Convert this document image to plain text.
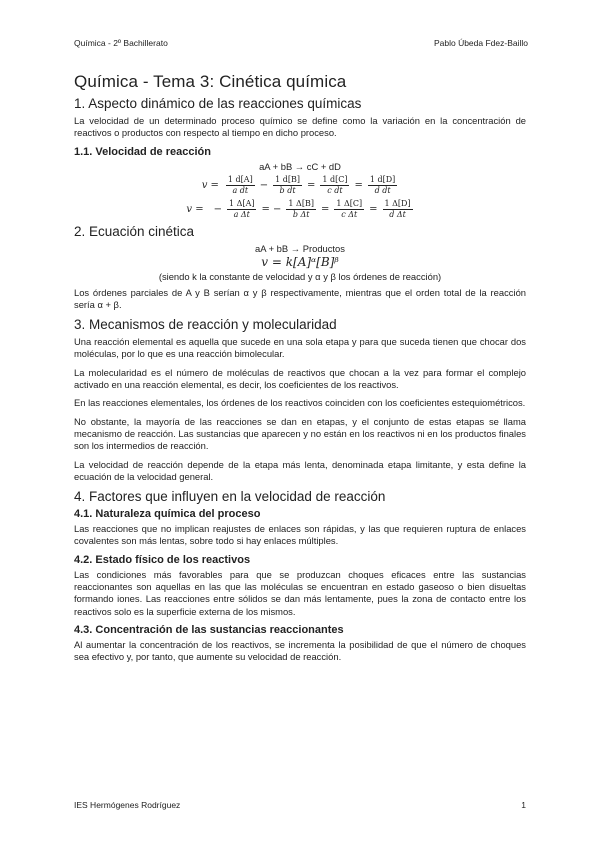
Química - 2º Bachillerato	Pablo Úbeda Fdez-Baillo
Química - Tema 3: Cinética química
1. Aspecto dinámico de las reacciones químicas

La velocidad de un determinado proceso químico se define como la variación en la concentración de reactivos o productos con respecto al tiempo en dicho proceso.

1.1. Velocidad de reacción
aA + bB → cC + dD
$v = \frac{1 d[A]}{\text{a dt}} - \frac{1 d[B]}{\text{b dt}} = \frac{1 d[C]}{\text{c dt}} = \frac{1 d[D]}{\text{d dt}}$
v = − $\frac{1 \Delta[A]}{\text{a Δt}}$ = − $\frac{1 \Delta[B]}{\text{b Δt}} = \frac{1 \Delta[C]}{\text{c Δt}} = \frac{1 \Delta[D]}{\text{d Δt}}$
2. Ecuación cinética
aA + bB → Productos
v = k[A]ᵅ[B]ᵝ
(siendo k la constante de velocidad y α y β los órdenes de reacción)

Los órdenes parciales de A y B serían α y β respectivamente, mientras que el orden total de la reacción sería α + β.

3. Mecanismos de reacción y molecularidad

Una reacción elemental es aquella que sucede en una sola etapa y para que suceda tienen que chocar dos moléculas, por lo que es una reacción bimolecular.

La molecularidad es el número de moléculas de reactivos que chocan a la vez para formar el complejo activado en una reacción elemental, es decir, los coeficientes de los reactivos.

En las reacciones elementales, los órdenes de los reactivos coinciden con los coeficientes estequiométricos.

No obstante, la mayoría de las reacciones se dan en etapas, y el conjunto de estas etapas se llama mecanismo de reacción. Las sustancias que aparecen y no están en los reactivos ni en los productos finales son los intermedios de reacción.

La velocidad de reacción depende de la etapa más lenta, denominada etapa limitante, y esta define la ecuación de la velocidad general.

4. Factores que influyen en la velocidad de reacción
4.1. Naturaleza química del proceso

Las reacciones que no implican reajustes de enlaces son rápidas, y las que requieren ruptura de enlaces covalentes son más lentas, sobre todo si hay enlaces múltiples.

4.2. Estado físico de los reactivos

Las condiciones más favorables para que se produzcan choques eficaces entre las sustancias reaccionantes son aquellas en las que las moléculas se encuentran en estado gaseoso o bien disueltas formando iones. Las reacciones entre sólidos se dan más lentamente, pues la zona de contacto entre los reactivos solo es la superficie externa de los mismos.

4.3. Concentración de las sustancias reaccionantes

Al aumentar la concentración de los reactivos, se incrementa la posibilidad de que el número de choques sea efectivo y, por tanto, que aumente su velocidad de reacción.

IES Hermógenes Rodríguez	1
